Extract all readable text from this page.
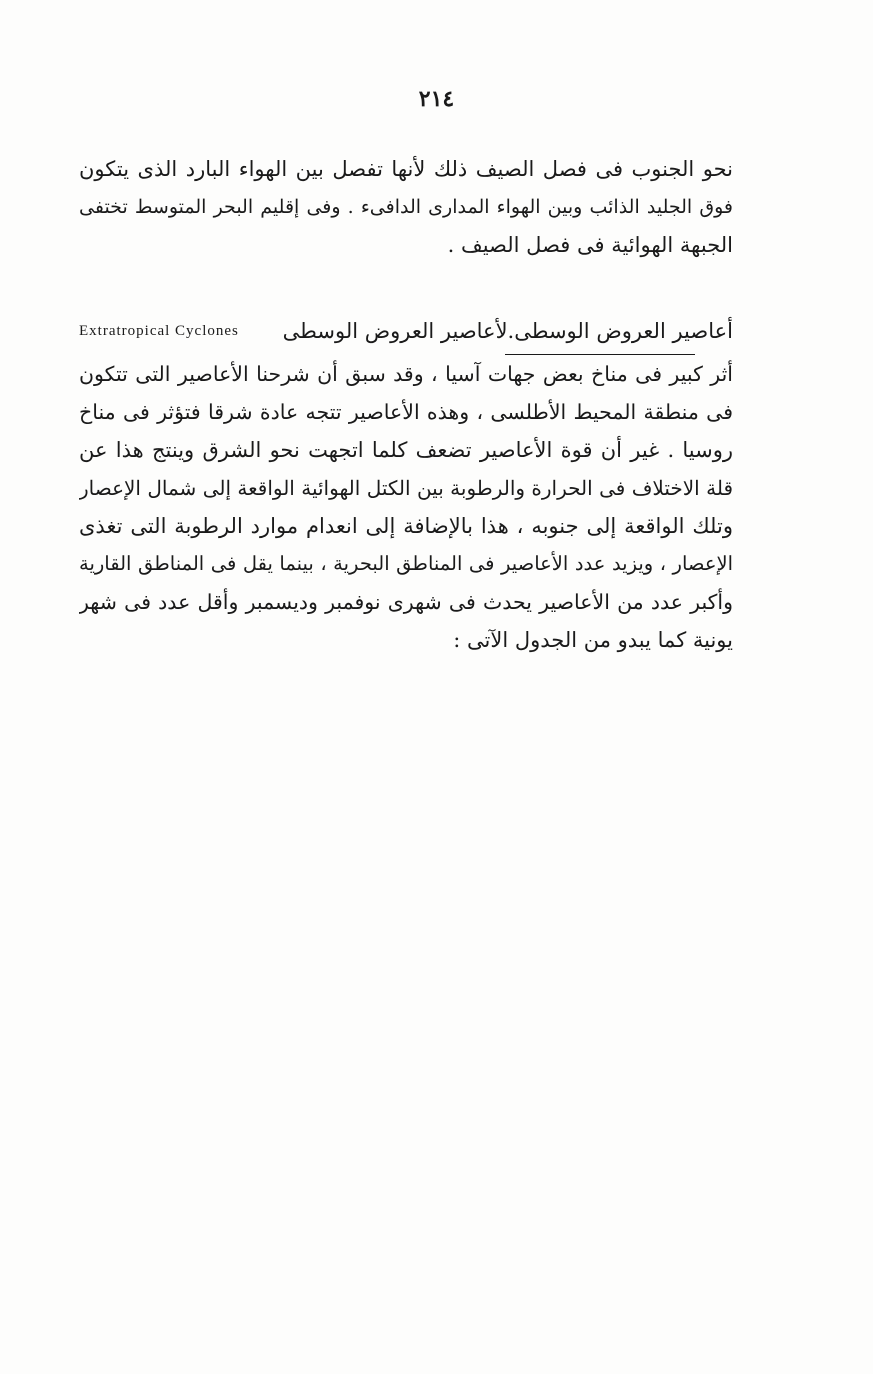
٢١٤
نحو الجنوب فى فصل الصيف ذلك لأنها تفصل بين الهواء البارد الذى يتكون
فوق الجليد الذائب وبين الهواء المدارى الدافىء . وفى إقليم البحر المتوسط تختفى
الجبهة الهوائية فى فصل الصيف .
أعاصير العروض الوسطى.لأعاصير العروض الوسطى
Extratropical Cyclones
أثر كبير فى مناخ بعض جهات آسيا ، وقد سبق أن شرحنا الأعاصير التى تتكون
فى منطقة المحيط الأطلسى ، وهذه الأعاصير تتجه عادة شرقا فتؤثر فى مناخ
روسيا . غير أن قوة الأعاصير تضعف كلما اتجهت نحو الشرق وينتج هذا عن
قلة الاختلاف فى الحرارة والرطوبة بين الكتل الهوائية الواقعة إلى شمال الإعصار
وتلك الواقعة إلى جنوبه ، هذا بالإضافة إلى انعدام موارد الرطوبة التى تغذى
الإعصار ، ويزيد عدد الأعاصير فى المناطق البحرية ، بينما يقل فى المناطق القارية
وأكبر عدد من الأعاصير يحدث فى شهرى نوفمبر وديسمبر وأقل عدد فى شهر
يونية كما يبدو من الجدول الآتى :
